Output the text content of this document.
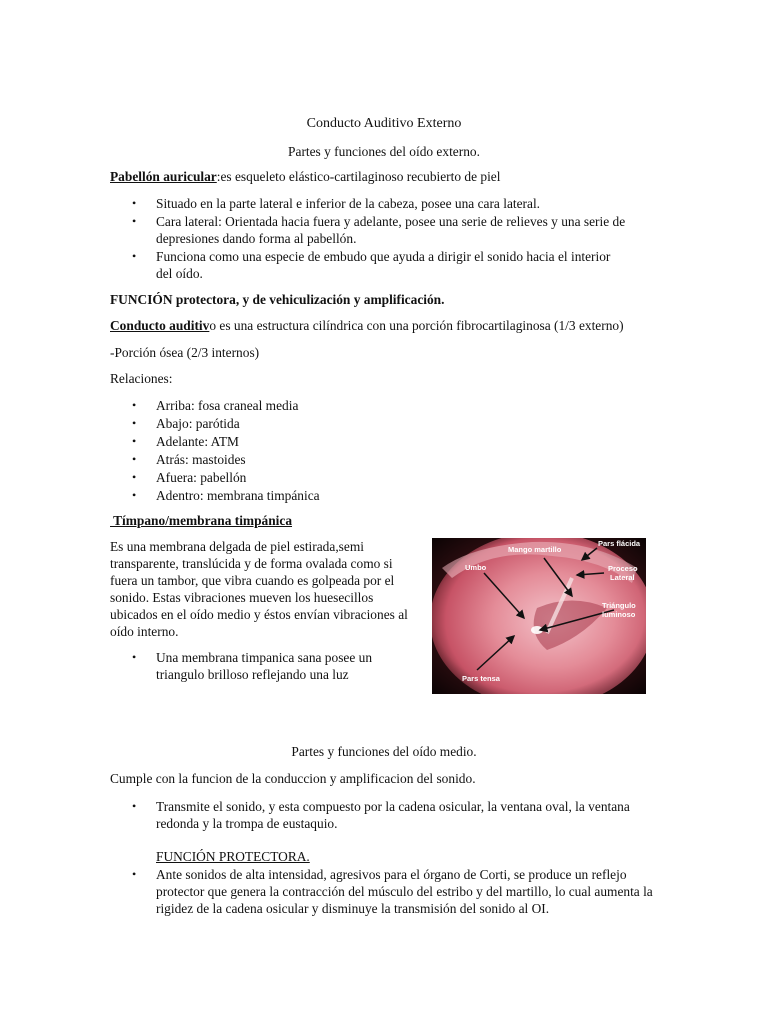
Conducto Auditivo Externo

Partes y funciones del oído externo.

Pabellón auricular:es esqueleto elástico-cartilaginoso recubierto de piel

• Situado en la parte lateral e inferior de la cabeza, posee una cara lateral.
• Cara lateral: Orientada hacia fuera y adelante, posee una serie de relieves y una serie de depresiones dando forma al pabellón.
• Funciona como una especie de embudo que ayuda a dirigir el sonido hacia el interior del oído.

FUNCIÓN protectora, y de vehiculización y amplificación.

Conducto auditivo es una estructura cilíndrica con una porción fibrocartilaginosa (1/3 externo)

-Porción ósea (2/3 internos)

Relaciones:

• Arriba: fosa craneal media
• Abajo: parótida
• Adelante: ATM
• Atrás: mastoides
• Afuera: pabellón
• Adentro: membrana timpánica

Tímpano/membrana timpánica

Es una membrana delgada de piel estirada,semi transparente, translúcida y de forma ovalada como si fuera un tambor, que vibra cuando es golpeada por el sonido. Estas vibraciones mueven los huesecillos ubicados en el oído medio y éstos envían vibraciones al oído interno.

• Una membrana timpanica sana posee un triangulo brilloso reflejando una luz
Mango martillo
Pars flácida
Umbo	Proceso
Lateral
Triángulo
luminoso
Pars tensa

Partes y funciones del oído medio.

Cumple con la funcion de la conduccion y amplificacion del sonido.

• Transmite el sonido, y esta compuesto por la cadena osicular, la ventana oval, la ventana redonda y la trompa de eustaquio.

FUNCIÓN PROTECTORA.

• Ante sonidos de alta intensidad, agresivos para el órgano de Corti, se produce un reflejo protector que genera la contracción del músculo del estribo y del martillo, lo cual aumenta la rigidez de la cadena osicular y disminuye la transmisión del sonido al OI.
